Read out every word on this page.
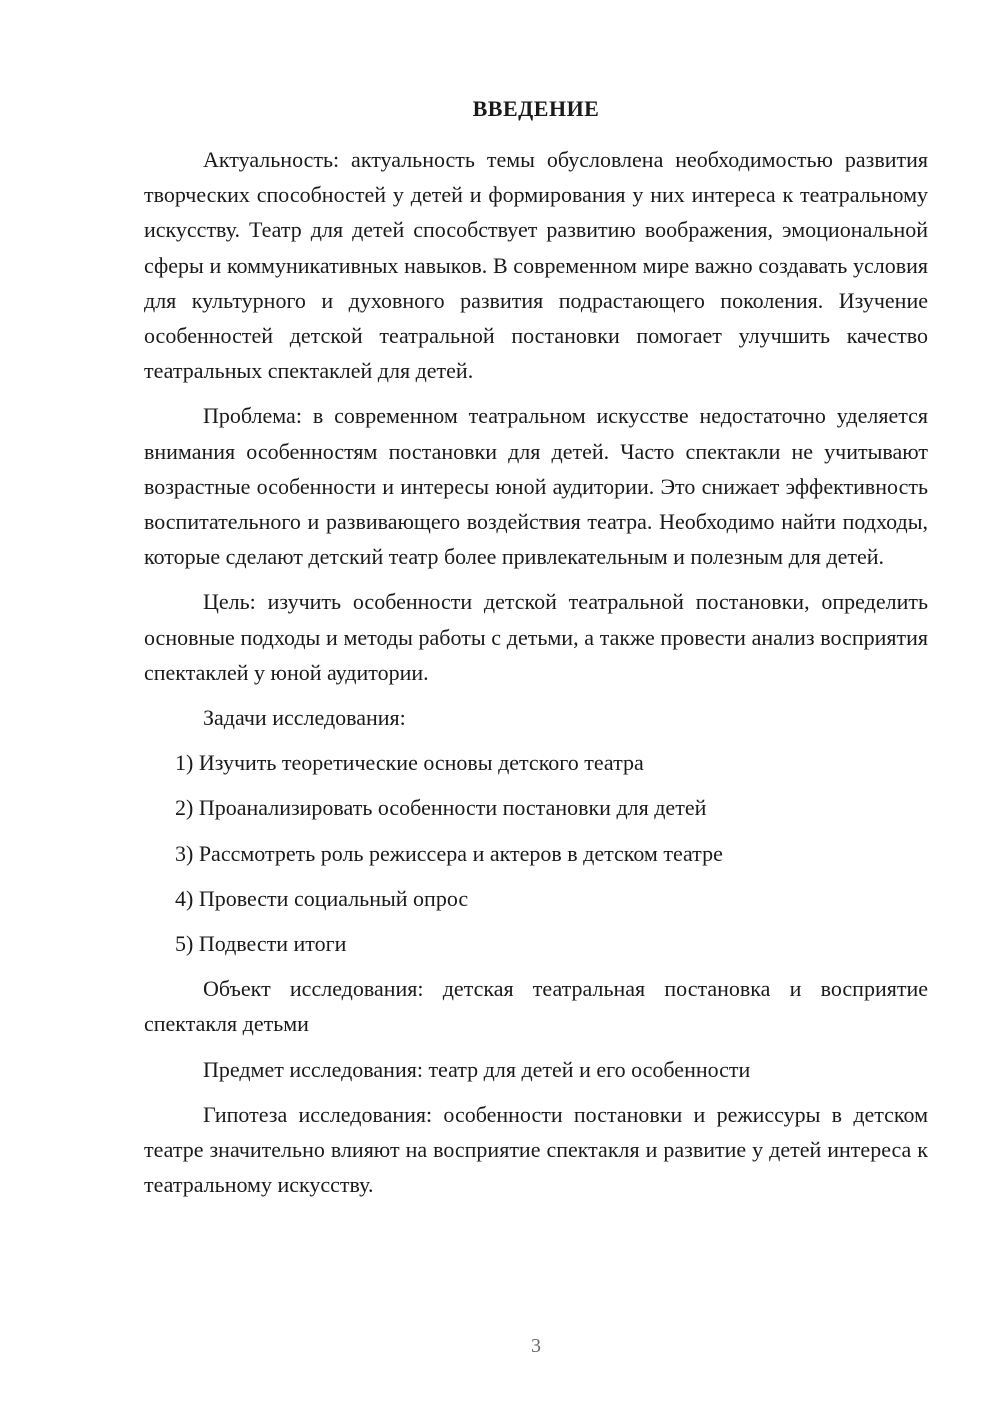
ВВЕДЕНИЕ

Актуальность: актуальность темы обусловлена необходимостью развития творческих способностей у детей и формирования у них интереса к театральному искусству. Театр для детей способствует развитию воображения, эмоциональной сферы и коммуникативных навыков. В современном мире важно создавать условия для культурного и духовного развития подрастающего поколения. Изучение особенностей детской театральной постановки помогает улучшить качество театральных спектаклей для детей.

Проблема: в современном театральном искусстве недостаточно уделяется внимания особенностям постановки для детей. Часто спектакли не учитывают возрастные особенности и интересы юной аудитории. Это снижает эффективность воспитательного и развивающего воздействия театра. Необходимо найти подходы, которые сделают детский театр более привлекательным и полезным для детей.

Цель: изучить особенности детской театральной постановки, определить основные подходы и методы работы с детьми, а также провести анализ восприятия спектаклей у юной аудитории.

Задачи исследования:

1) Изучить теоретические основы детского театра

2) Проанализировать особенности постановки для детей

3) Рассмотреть роль режиссера и актеров в детском театре

4) Провести социальный опрос

5) Подвести итоги

Объект исследования: детская театральная постановка и восприятие спектакля детьми

Предмет исследования: театр для детей и его особенности

Гипотеза исследования: особенности постановки и режиссуры в детском театре значительно влияют на восприятие спектакля и развитие у детей интереса к театральному искусству.

3
